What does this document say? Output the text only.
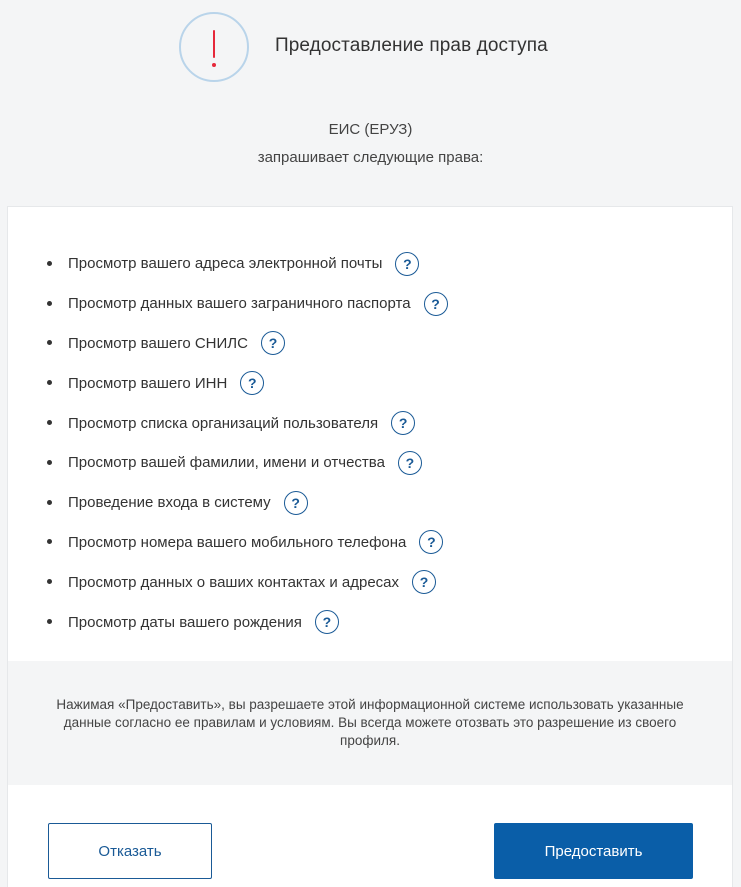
Предоставление прав доступа
ЕИС (ЕРУЗ)
запрашивает следующие права:
Просмотр вашего адреса электронной почты	?
Просмотр данных вашего заграничного паспорта	?
Просмотр вашего СНИЛС	?
Просмотр вашего ИНН	?
Просмотр списка организаций пользователя	?
Просмотр вашей фамилии, имени и отчества	?
Проведение входа в систему	?
Просмотр номера вашего мобильного телефона	?
Просмотр данных о ваших контактах и адресах	?
Просмотр даты вашего рождения	?

Нажимая «Предоставить», вы разрешаете этой информационной системе использовать указанные данные согласно ее правилам и условиям. Вы всегда можете отозвать это разрешение из своего профиля.

Отказать	Предоставить
